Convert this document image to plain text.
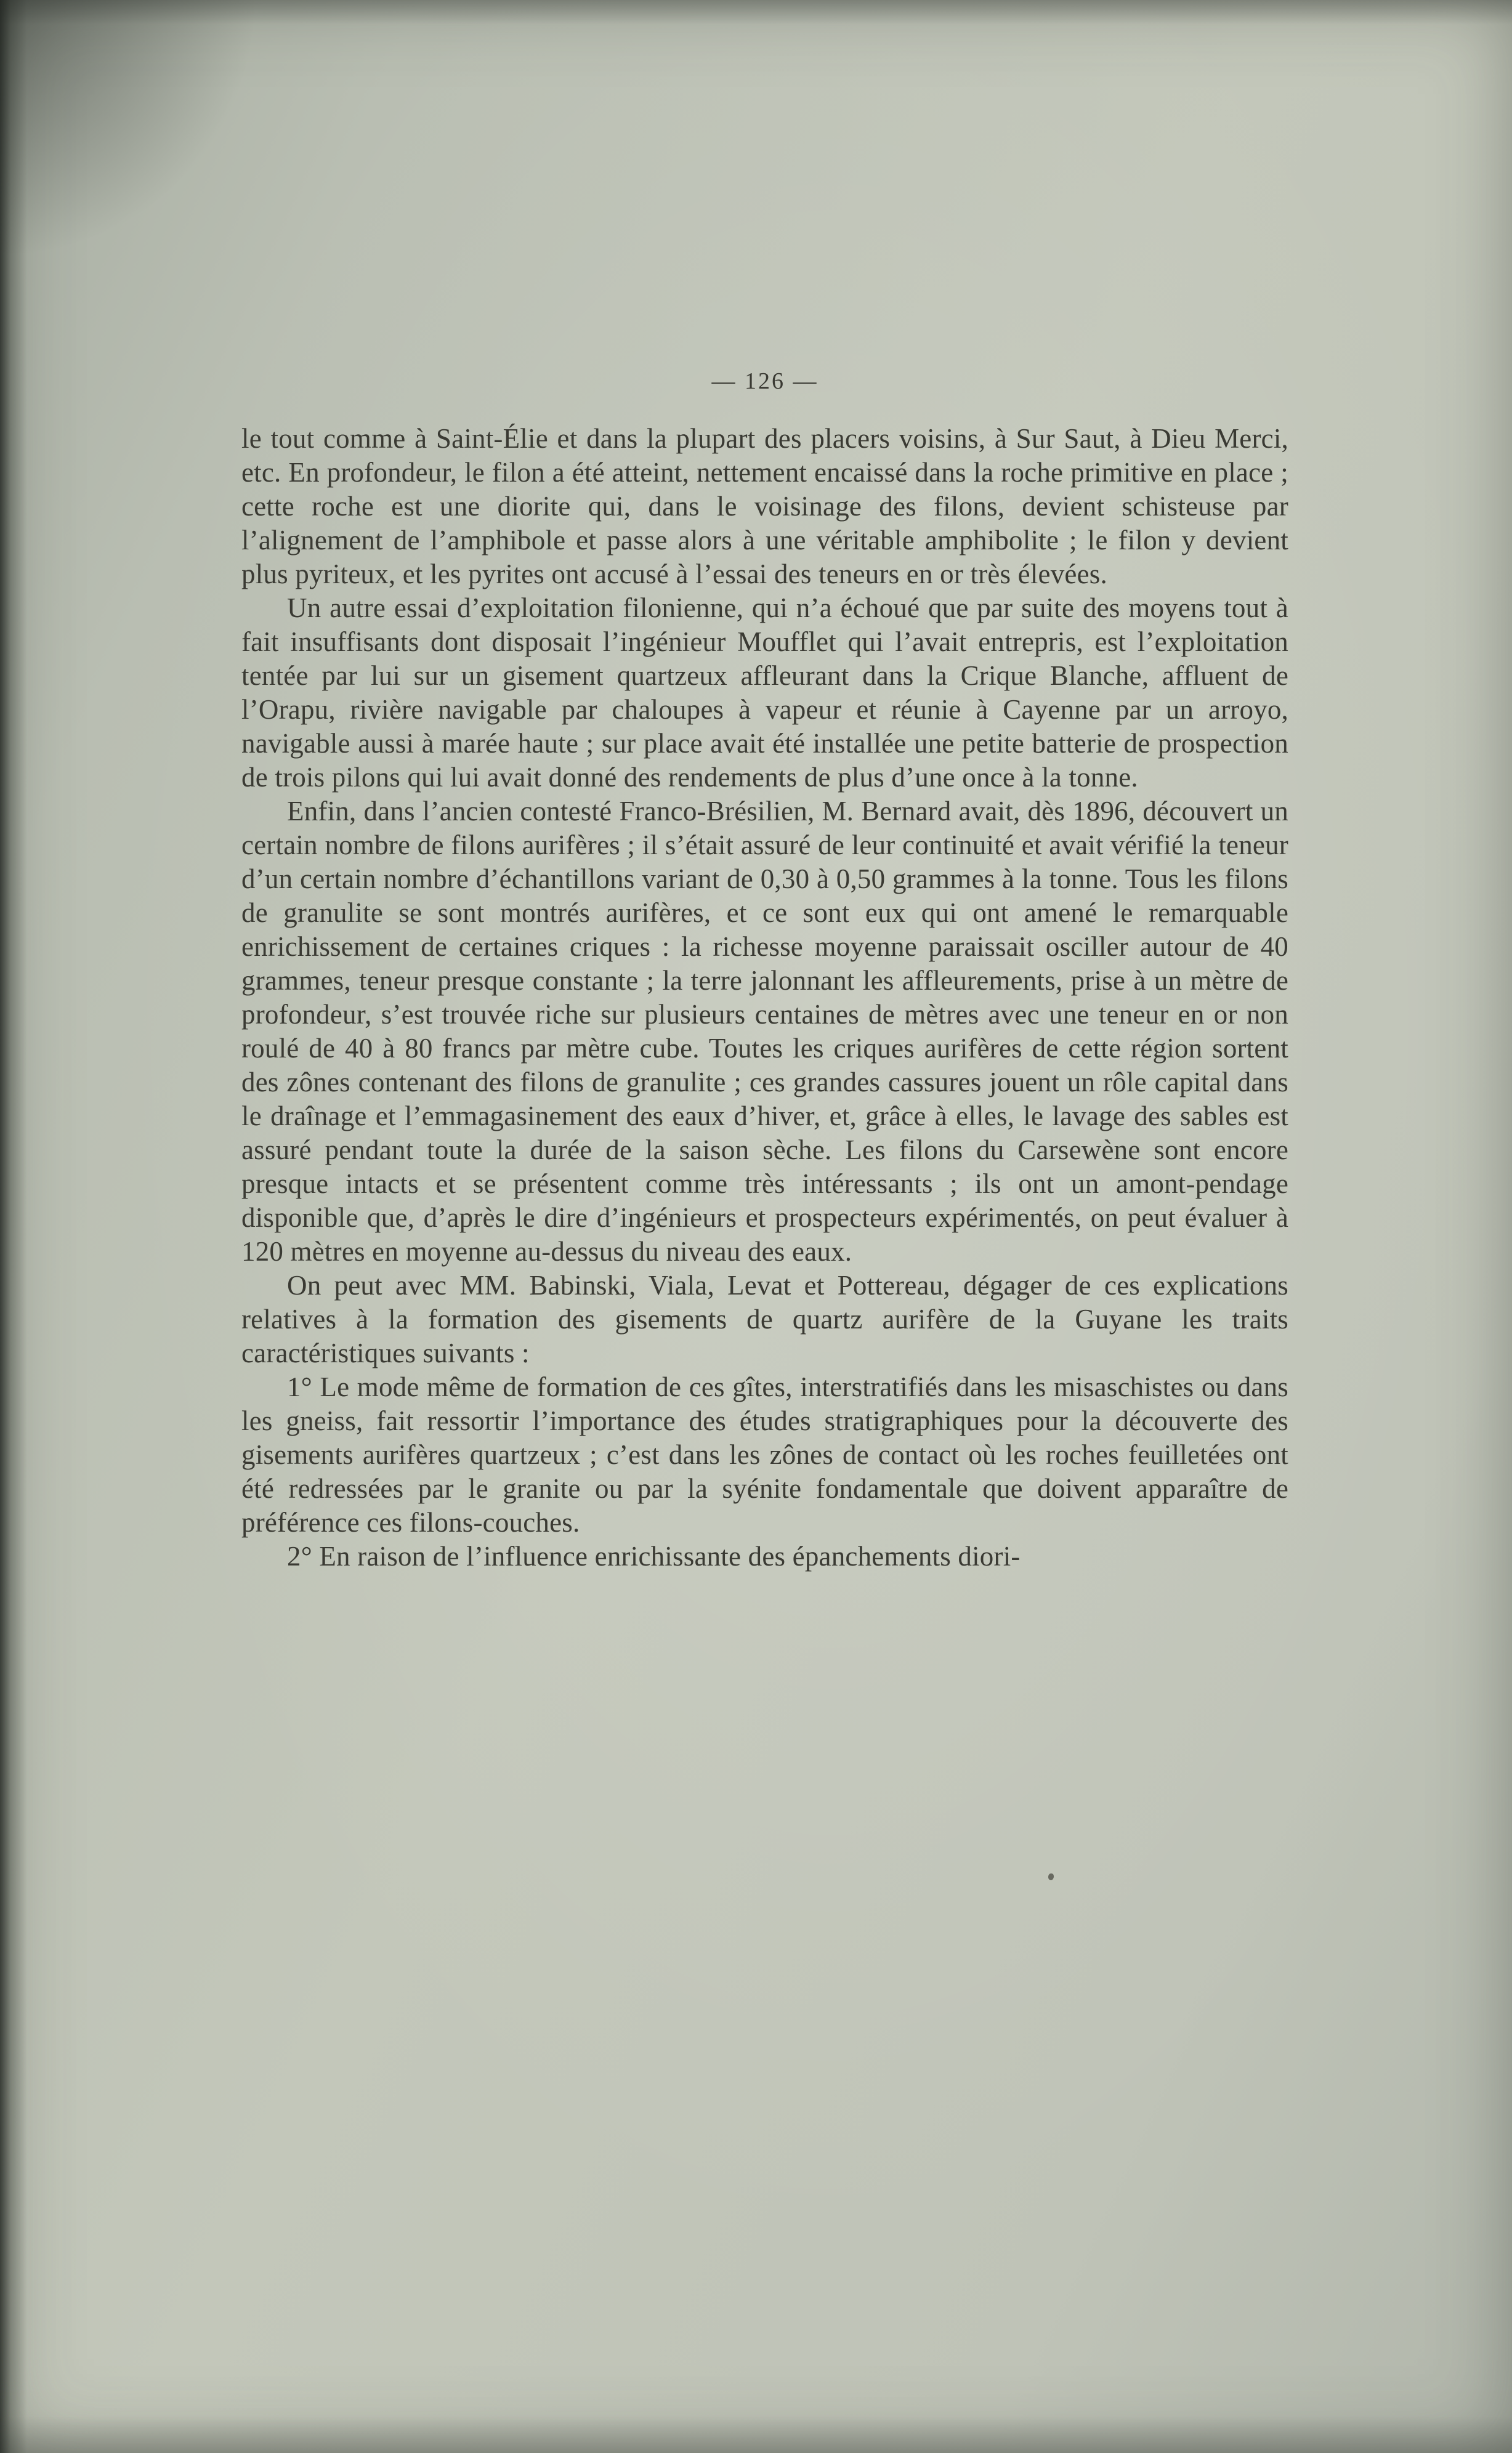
— 126 —

le tout comme à Saint-Élie et dans la plupart des placers voisins, à Sur Saut, à Dieu Merci, etc. En profondeur, le filon a été atteint, nettement encaissé dans la roche primitive en place ; cette roche est une diorite qui, dans le voisinage des filons, devient schisteuse par l’alignement de l’amphibole et passe alors à une véritable amphibolite ; le filon y devient plus pyriteux, et les pyrites ont accusé à l’essai des teneurs en or très élevées.

Un autre essai d’exploitation filonienne, qui n’a échoué que par suite des moyens tout à fait insuffisants dont disposait l’ingénieur Moufflet qui l’avait entrepris, est l’exploitation tentée par lui sur un gisement quartzeux affleurant dans la Crique Blanche, affluent de l’Orapu, rivière navigable par chaloupes à vapeur et réunie à Cayenne par un arroyo, navigable aussi à marée haute ; sur place avait été installée une petite batterie de prospection de trois pilons qui lui avait donné des rendements de plus d’une once à la tonne.

Enfin, dans l’ancien contesté Franco-Brésilien, M. Bernard avait, dès 1896, découvert un certain nombre de filons aurifères ; il s’était assuré de leur continuité et avait vérifié la teneur d’un certain nombre d’échantillons variant de 0,30 à 0,50 grammes à la tonne. Tous les filons de granulite se sont montrés aurifères, et ce sont eux qui ont amené le remarquable enrichissement de certaines criques : la richesse moyenne paraissait osciller autour de 40 grammes, teneur presque constante ; la terre jalonnant les affleurements, prise à un mètre de profondeur, s’est trouvée riche sur plusieurs centaines de mètres avec une teneur en or non roulé de 40 à 80 francs par mètre cube. Toutes les criques aurifères de cette région sortent des zônes contenant des filons de granulite ; ces grandes cassures jouent un rôle capital dans le draînage et l’emmagasinement des eaux d’hiver, et, grâce à elles, le lavage des sables est assuré pendant toute la durée de la saison sèche. Les filons du Carsewène sont encore presque intacts et se présentent comme très intéressants ; ils ont un amont-pendage disponible que, d’après le dire d’ingénieurs et prospecteurs expérimentés, on peut évaluer à 120 mètres en moyenne au-dessus du niveau des eaux.

On peut avec MM. Babinski, Viala, Levat et Pottereau, dégager de ces explications relatives à la formation des gisements de quartz aurifère de la Guyane les traits caractéristiques suivants :

1° Le mode même de formation de ces gîtes, interstratifiés dans les misaschistes ou dans les gneiss, fait ressortir l’importance des études stratigraphiques pour la découverte des gisements aurifères quartzeux ; c’est dans les zônes de contact où les roches feuilletées ont été redressées par le granite ou par la syénite fondamentale que doivent apparaître de préférence ces filons-couches.

2° En raison de l’influence enrichissante des épanchements diori-
